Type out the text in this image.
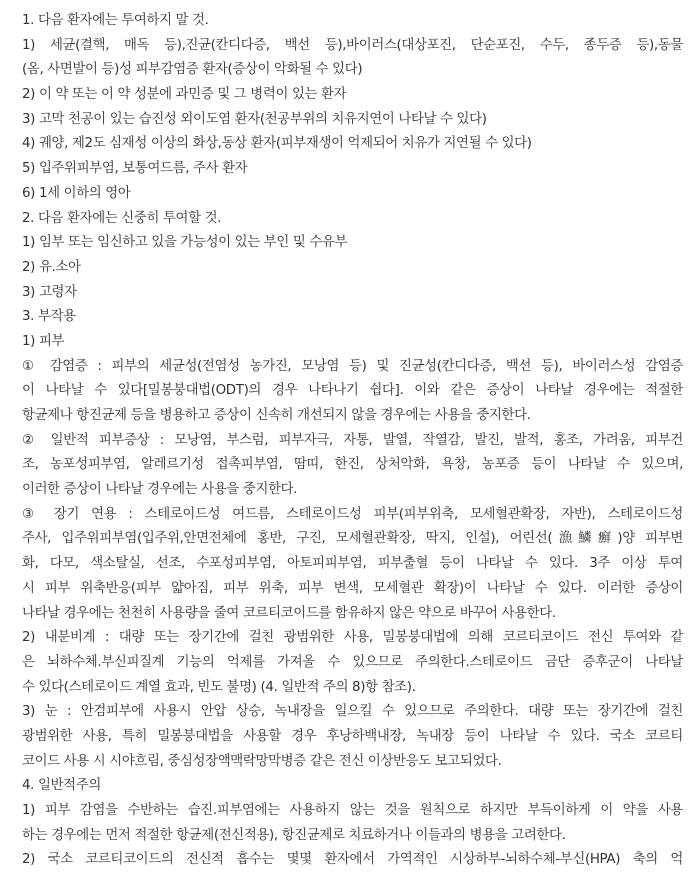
1. 다음 환자에는 투여하지 말 것.
1) 세균(결핵, 매독 등),진균(칸디다증, 백선 등),바이러스(대상포진, 단순포진, 수두, 종두증 등),동물
(옴, 사면발이 등)성 피부감염증 환자(증상이 악화될 수 있다)
2) 이 약 또는 이 약 성분에 과민증 및 그 병력이 있는 환자
3) 고막 천공이 있는 습진성 외이도염 환자(천공부위의 치유지연이 나타날 수 있다)
4) 궤양, 제2도 심재성 이상의 화상,동상 환자(피부재생이 억제되어 치유가 지연될 수 있다)
5) 입주위피부염, 보통여드름, 주사 환자
6) 1세 이하의 영아
2. 다음 환자에는 신중히 투여할 것.
1) 임부 또는 임신하고 있을 가능성이 있는 부인 및 수유부
2) 유.소아
3) 고령자
3. 부작용
1) 피부
① 감염증 : 피부의 세균성(전염성 농가진, 모낭염 등) 및 진균성(칸디다증, 백선 등), 바이러스성 감염증
이 나타날 수 있다[밀봉붕대법(ODT)의 경우 나타나기 쉽다]. 이와 같은 증상이 나타날 경우에는 적절한
항균제나 항진균제 등을 병용하고 증상이 신속히 개선되지 않을 경우에는 사용을 중지한다.
② 일반적 피부증상 : 모낭염, 부스럼, 피부자극, 자통, 발열, 작열감, 발진, 발적, 홍조, 가려움, 피부건
조, 농포성피부염, 알레르기성 접촉피부염, 땀띠, 한진, 상처악화, 욕창, 농포증 등이 나타날 수 있으며,
이러한 증상이 나타날 경우에는 사용을 중지한다.
③ 장기 연용 : 스테로이드성 여드름, 스테로이드성 피부(피부위축, 모세혈관확장, 자반), 스테로이드성
주사, 입주위피부염(입주위,안면전체에 홍반, 구진, 모세혈관확장, 딱지, 인설), 어린선(漁鱗癬)양 피부변
화, 다모, 색소탈실, 선조, 수포성피부염, 아토피피부염, 피부출혈 등이 나타날 수 있다. 3주 이상 투여
시 피부 위축반응(피부 얇아짐, 피부 위축, 피부 변색, 모세혈관 확장)이 나타날 수 있다. 이러한 증상이
나타날 경우에는 천천히 사용량을 줄여 코르티코이드를 함유하지 않은 약으로 바꾸어 사용한다.
2) 내분비계 : 대량 또는 장기간에 걸친 광범위한 사용, 밀봉붕대법에 의해 코르티코이드 전신 투여와 같
은 뇌하수체.부신피질계 기능의 억제를 가져올 수 있으므로 주의한다.스테로이드 금단 증후군이 나타날
수 있다(스테로이드 계열 효과, 빈도 불명) (4. 일반적 주의 8)항 참조).
3) 눈 : 안검피부에 사용시 안압 상승, 녹내장을 일으킬 수 있으므로 주의한다. 대량 또는 장기간에 걸친
광범위한 사용, 특히 밀봉붕대법을 사용할 경우 후낭하백내장, 녹내장 등이 나타날 수 있다. 국소 코르티
코이드 사용 시 시야흐림, 중심성장액맥락망막병증 같은 전신 이상반응도 보고되었다.
4. 일반적주의
1) 피부 감염을 수반하는 습진.피부염에는 사용하지 않는 것을 원칙으로 하지만 부득이하게 이 약을 사용
하는 경우에는 먼저 적절한 항균제(전신적용), 항진균제로 치료하거나 이들과의 병용을 고려한다.
2) 국소 코르티코이드의 전신적 흡수는 몇몇 환자에서 가역적인 시상하부-뇌하수체-부신(HPA) 축의 억
